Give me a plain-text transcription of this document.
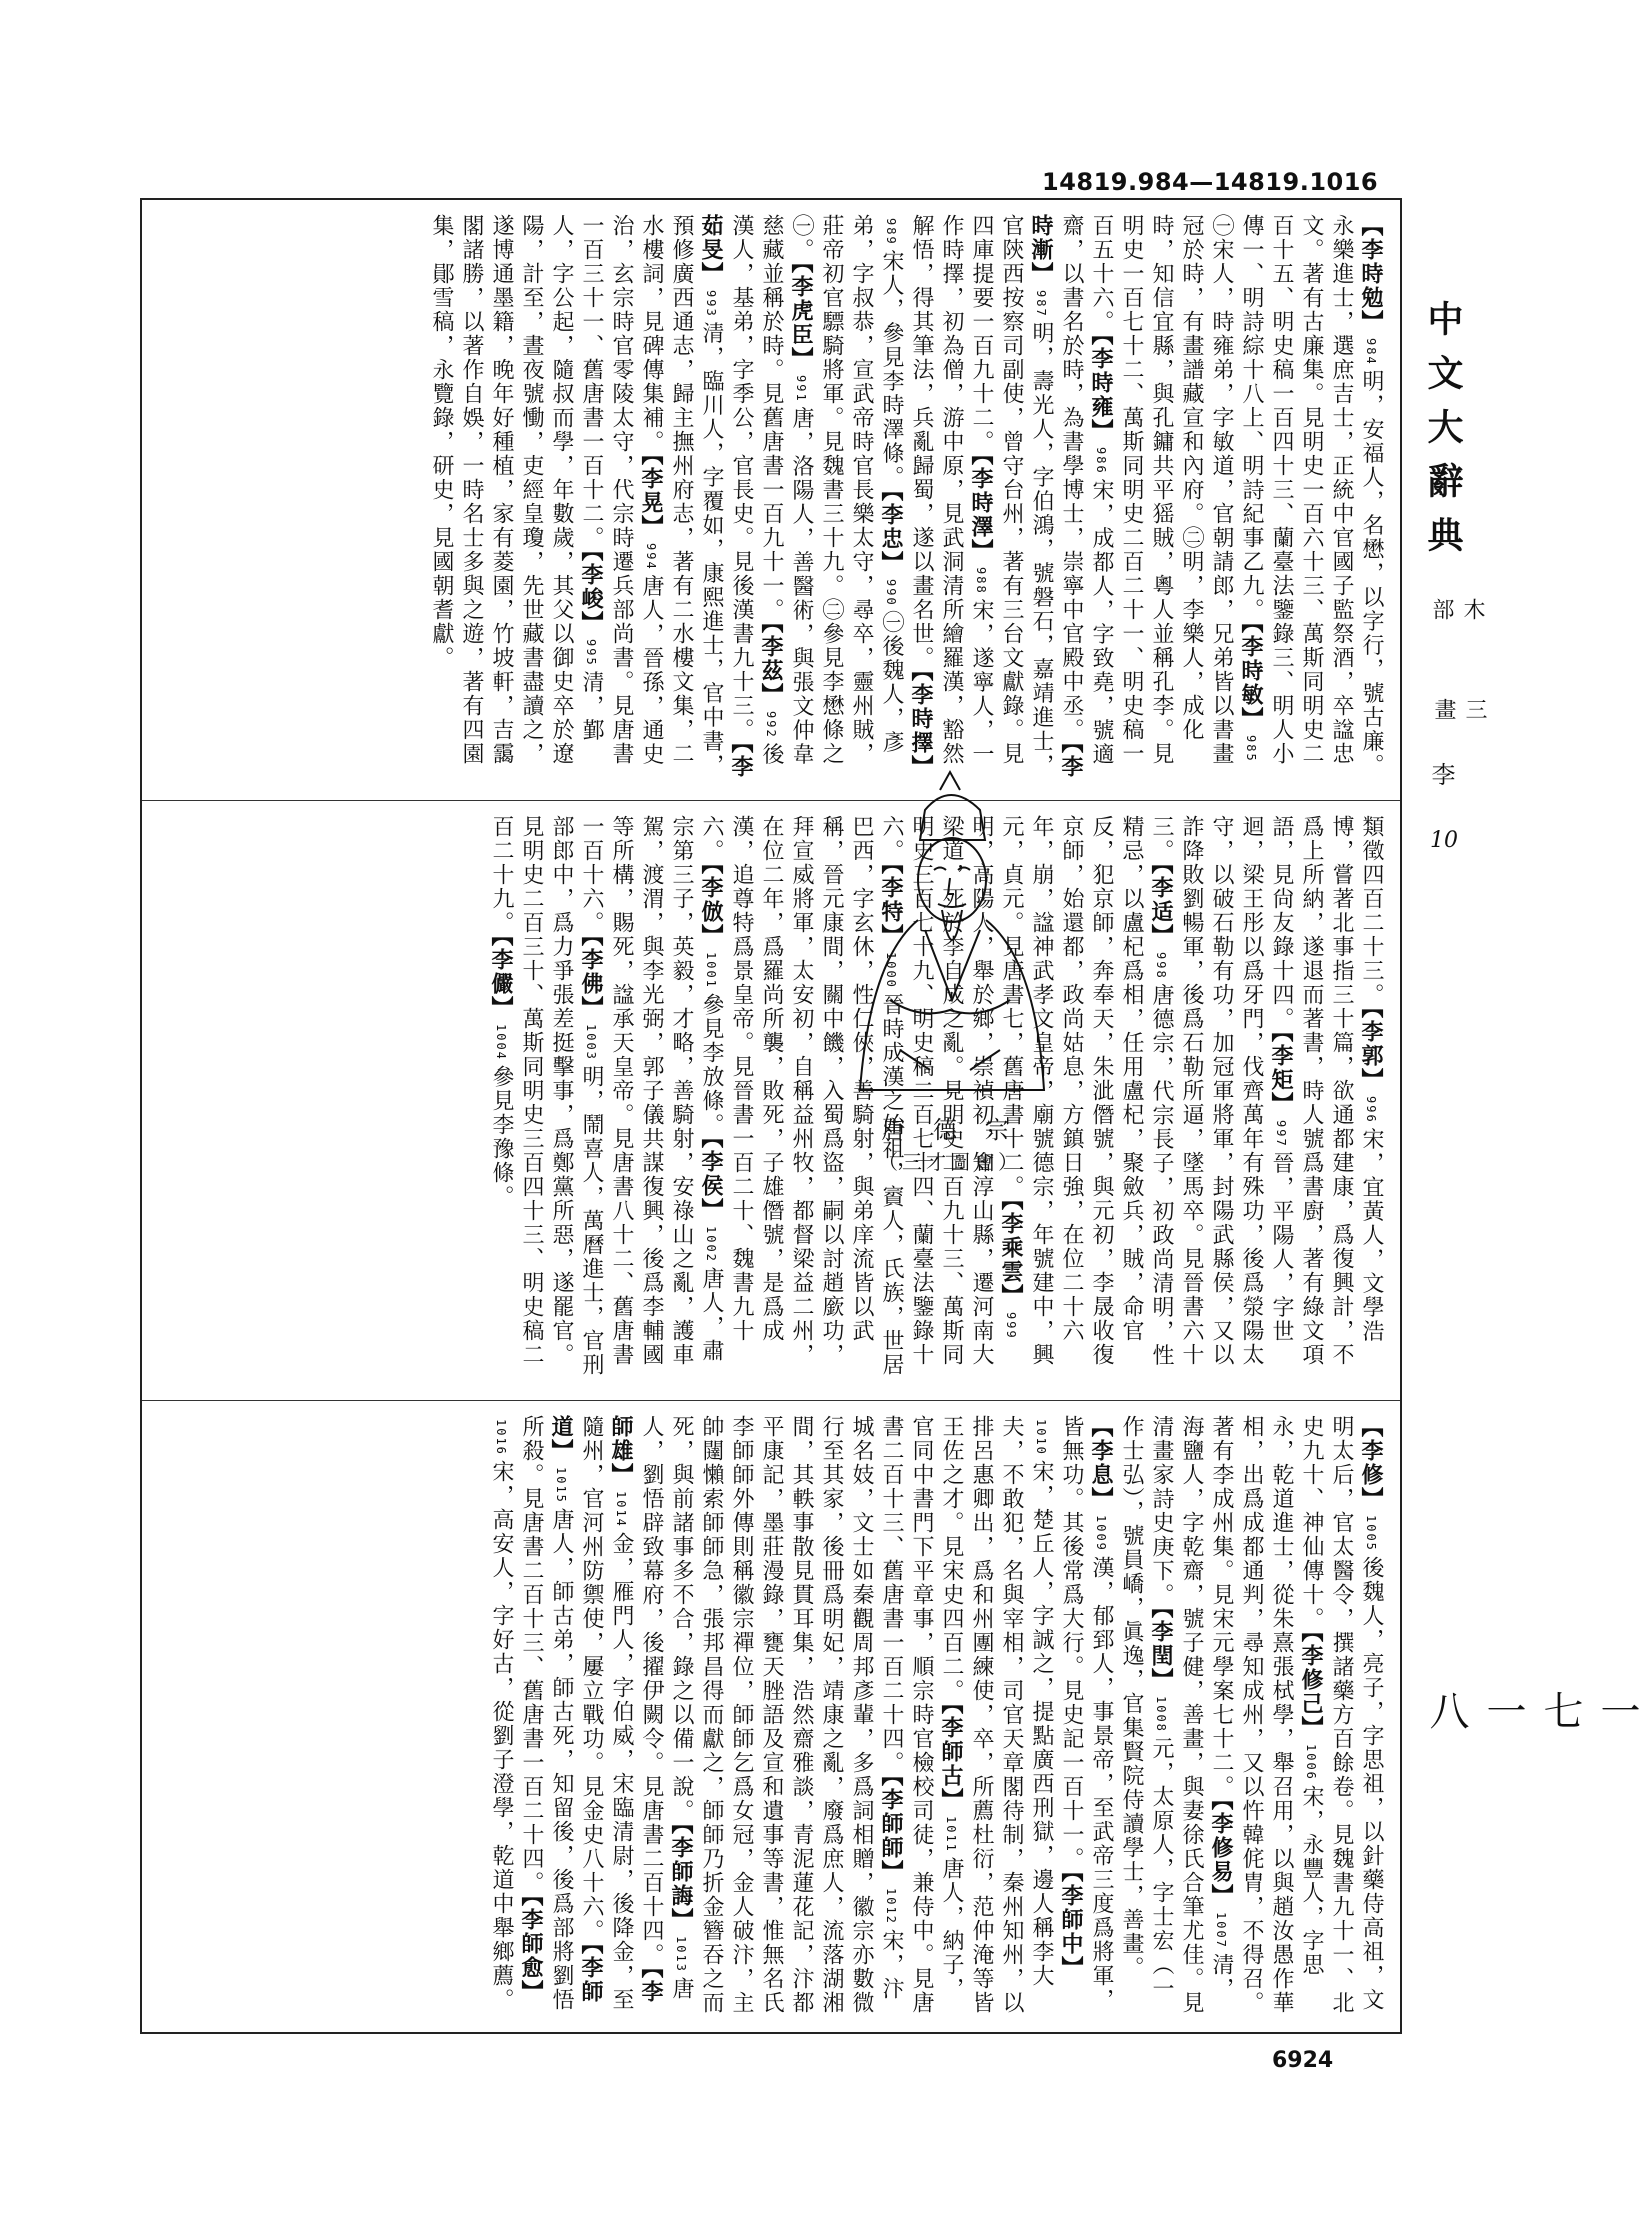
14819.984—14819.1016
中文大辭典
木部
三畫
李
10
一七一八
【 李時勉 】984明，安福人，名懋，以字行，號古廉。永樂進士，選庶吉士，正統中官國子監祭酒，卒諡忠文。著有古廉集。見明史一百六十三、萬斯同明史二百十五、明史稿一百四十三、蘭臺法鑒錄三、明人小傳一、明詩綜十八上、明詩紀事乙九。【 李時敏 】985㊀宋人，時雍弟，字敏道，官朝請郎，兄弟皆以書畫冠於時，有畫譜藏宣和內府。㊁明，李樂人，成化時，知信宜縣，與孔鏞共平猺賊，粵人並稱孔李。見明史一百七十二、萬斯同明史二百二十一、明史稿一百五十六。【 李時雍 】986宋，成都人，字致堯，號適齋，以書名於時，為書學博士，崇寧中官殿中丞。【 李時漸 】987明，壽光人，字伯鴻，號磐石，嘉靖進士，官陝西按察司副使，曾守台州，著有三台文獻錄。見四庫提要一百九十二。【 李時澤 】988宋，遂寧人，一作時擇，初為僧，游中原，見武洞清所繪羅漢，豁然解悟，得其筆法，兵亂歸蜀，遂以畫名世。【 李時擇 】989宋人，參見李時澤條。【 李忠 】990㊀後魏人，彥弟，字叔恭，宣武帝時官長樂太守，尋卒，靈州賊，莊帝初官驃騎將軍。見魏書三十九。㊁參見李懋條之㊀。【 李虎臣 】991唐，洛陽人，善醫術，與張文仲韋慈藏並稱於時。見舊唐書一百九十一。【 李茲 】992後漢人，基弟，字季公，官長史。見後漢書九十三。【 李茹旻 】993清，臨川人，字覆如，康熙進士，官中書，預修廣西通志，歸主撫州府志，著有二水樓文集，二水樓詞，見碑傳集補。【 李晃 】994唐人，晉孫，通史治，玄宗時官零陵太守，代宗時遷兵部尚書。見唐書一百三十一、舊唐書一百十二。【 李峻 】995清，鄞人，字公起，隨叔而學，年數歲，其父以御史卒於遼陽，計至，晝夜號慟，吏經皇瓊，先世藏書盡讀之，遂博通墨籍，晚年好種植，家有菱園，竹坡軒，吉靄閣諸勝，以著作自娛，一時名士多與之遊，著有四園集，鄖雪稿，永覽錄，研史，見國朝耆獻。
類徵四百二十三。【 李郭 】996宋，宜黃人，文學浩博，嘗著北事指三十篇，欲通都建康，爲復興計，不爲上所納，遂退而著書，時人號爲書廚，著有綠文項語，見尙友錄十四。【 李矩 】997晉，平陽人，字世迴，梁王彤以爲牙門，伐齊萬年有殊功，後爲滎陽太守，以破石勒有功，加冠軍將軍，封陽武縣侯，又以詐降敗劉暢軍，後爲石勒所逼，墜馬卒。見晉書六十三。【 李适 】998唐德宗，代宗長子，初政尚清明，性精忌，以盧杞爲相，任用盧杞，聚斂兵，賊，命官反，犯京師，奔奉天，朱泚僭號，與元初，李晟收復京師，始還都，政尚姑息，方鎮日強，在位二十六年，崩，諡神武孝文皇帝，廟號德宗，年號建中，興元，貞元。見唐書七，舊唐書十二。【 李乘雲 】999明，高陽人，舉於鄉，崇禎初，知淳山縣，遷河南大梁道，死於李自成之亂。見明史二百九十三、萬斯同明史三百七十九、明史稿二百七十四、蘭臺法鑒錄十六。【 李特 】1000晉時成漢之始祖，賨人，氏族，世居巴西，字玄休，性仁俠，善騎射，與弟庠流皆以武稱，晉元康間，關中饑，入蜀爲盜，嗣以討趙廞功，拜宣威將軍，太安初，自稱益州牧，都督梁益二州，在位二年，爲羅尚所襲，敗死，子雄僭號，是爲成漢，追尊特爲景皇帝。見晉書一百二十、魏書九十六。【 李倣 】1001參見李放條。【 李侯 】1002唐人，肅宗第三子，英毅，才略，善騎射，安祿山之亂，護車駕，渡渭，與李光弼，郭子儀共謀復興，後爲李輔國等所構，賜死，諡承天皇帝。見唐書八十二、舊唐書一百十六。【 李佛 】1003明，鬧喜人，萬曆進士，官刑部郎中，爲力爭張差挺擊事，爲鄭黨所惡，遂罷官。見明史二百三十、萬斯同明史三百四十三、明史稿二百二十九。【 李儼 】1004參見李豫條。
【 李修 】1005後魏人，亮子，字思祖，以針藥侍高祖，文明太后，官太醫令，撰諸藥方百餘卷。見魏書九十一、北史九十、神仙傳十。【 李修己 】1006宋，永豐人，字思永，乾道進士，從朱熹張栻學，舉召用，以與趙汝愚作華相，出爲成都通判，尋知成州，又以忤韓侂胄，不得召。著有李成州集。見宋元學案七十二。【 李修易 】1007清，海鹽人，字乾齋，號子健，善畫，與妻徐氏合筆尤佳。見清畫家詩史庚下。【 李閏 】1008元，太原人，字士宏（一作士弘），號員嶠，眞逸，官集賢院侍讀學士，善畫。【 李息 】1009漢，郁郅人，事景帝，至武帝三度爲將軍，皆無功。其後常爲大行。見史記一百十一。【 李師中 】1010宋，楚丘人，字誠之，提點廣西刑獄，邊人稱李大夫，不敢犯，名與宰相，司官天章閣待制，秦州知州，以排呂惠卿出，爲和州團練使，卒，所薦杜衍，范仲淹等皆王佐之才。見宋史四百二。【 李師古 】1011唐人，納子，官同中書門下平章事，順宗時官檢校司徒，兼侍中。見唐書二百十三、舊唐書一百二十四。【 李師師 】1012宋，汴城名妓，文士如秦觀周邦彥輩，多爲詞相贈，徽宗亦數微行至其家，後冊爲明妃，靖康之亂，廢爲庶人，流落湖湘間，其軼事散見貫耳集，浩然齋雅談，青泥蓮花記，汴都平康記，墨莊漫錄，甕天脞語及宣和遺事等書，惟無名氏李師師外傳則稱徽宗禪位，師師乞爲女冠，金人破汴，主帥闥懶索師師急，張邦昌得而獻之，師師乃折金簪吞之而死，與前諸事多不合，錄之以備一說。【 李師誨 】1013唐人，劉悟辟致幕府，後擢伊闕令。見唐書二百十四。【 李師雄 】1014金，雁門人，字伯威，宋臨清尉，後降金，至隨州，官河州防禦使，屢立戰功。見金史八十六。【 李師道 】1015唐人，師古弟，師古死，知留後，後爲部將劉悟所殺。見唐書二百十三、舊唐書一百二十四。【 李師愈 】1016宋，高安人，字好古，從劉子澄學，乾道中舉鄉薦。
唐 德 宗
（三才圖會）
6924
